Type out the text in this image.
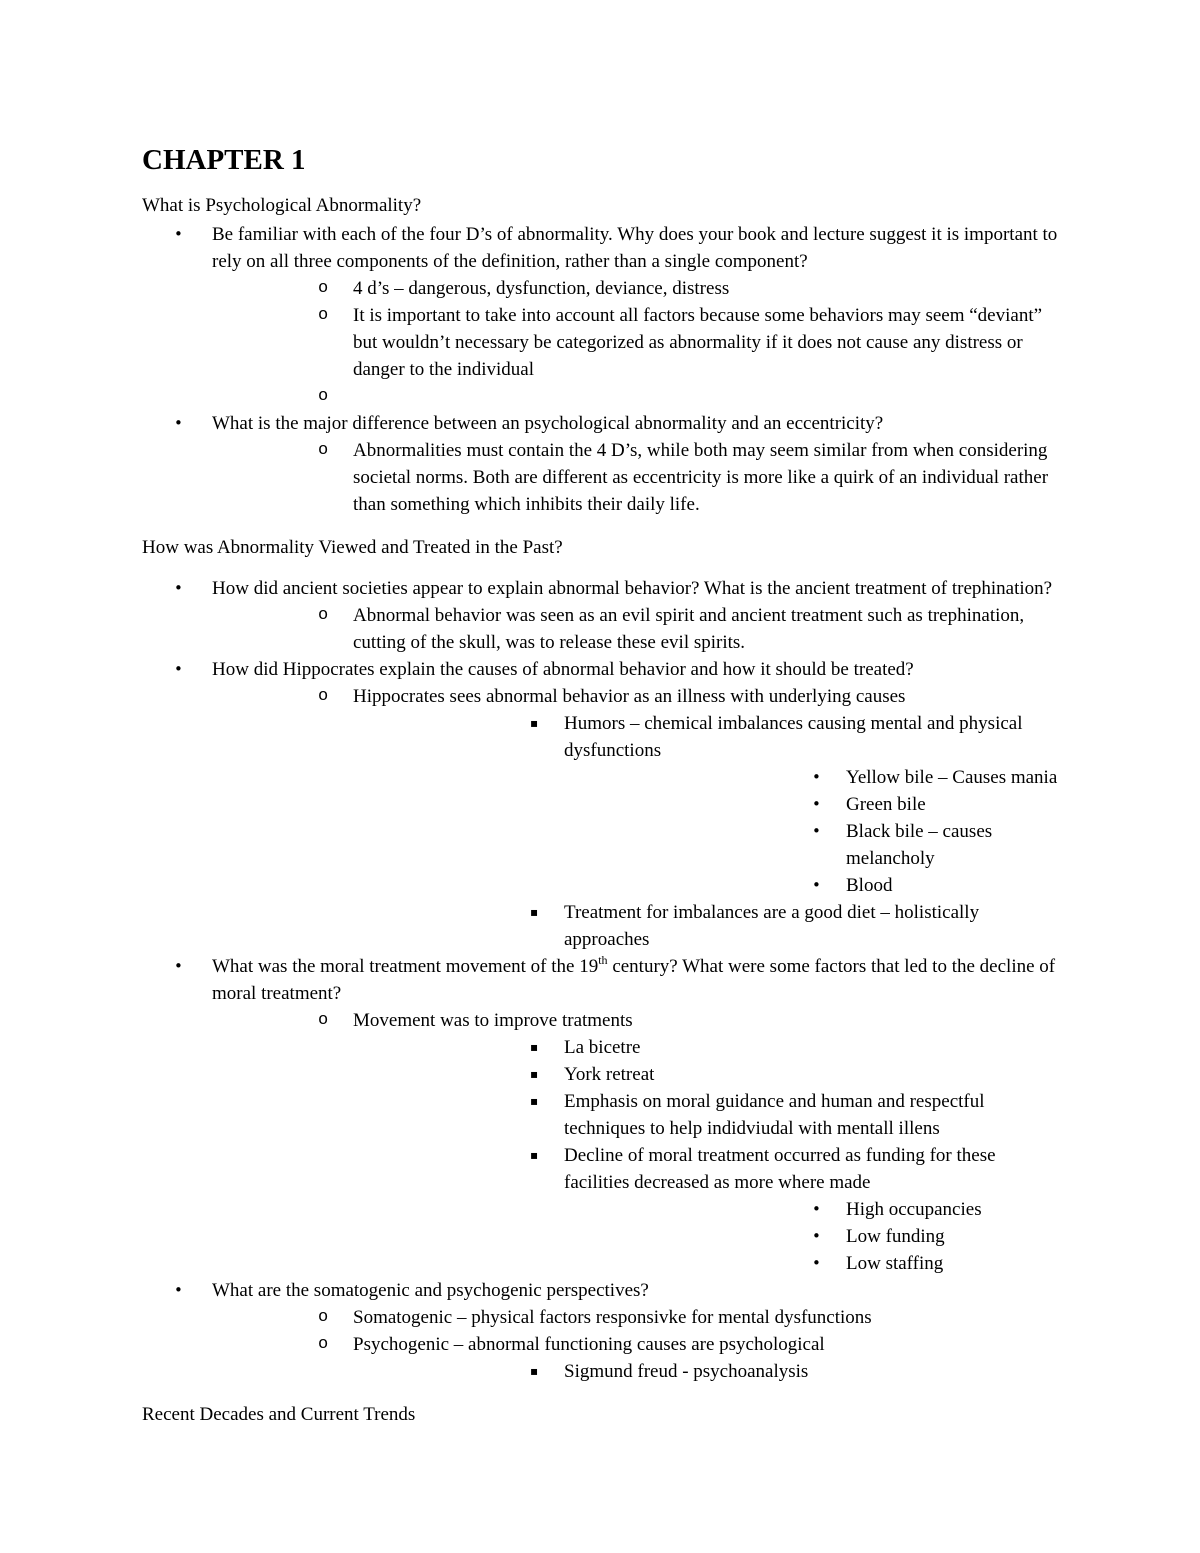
CHAPTER 1
What is Psychological Abnormality?
• Be familiar with each of the four D’s of abnormality. Why does your book and lecture suggest it is important to rely on all three components of the definition, rather than a single component?
o 4 d’s – dangerous, dysfunction, deviance, distress
o It is important to take into account all factors because some behaviors may seem “deviant” but wouldn’t necessary be categorized as abnormality if it does not cause any distress or danger to the individual
o

• What is the major difference between an psychological abnormality and an eccentricity?
o Abnormalities must contain the 4 D’s, while both may seem similar from when considering societal norms. Both are different as eccentricity is more like a quirk of an individual rather than something which inhibits their daily life.
How was Abnormality Viewed and Treated in the Past?
• How did ancient societies appear to explain abnormal behavior? What is the ancient treatment of trephination?
o Abnormal behavior was seen as an evil spirit and ancient treatment such as trephination, cutting of the skull, was to release these evil spirits.
• How did Hippocrates explain the causes of abnormal behavior and how it should be treated?
o Hippocrates sees abnormal behavior as an illness with underlying causes
▪ Humors – chemical imbalances causing mental and physical dysfunctions
• Yellow bile – Causes mania
• Green bile
• Black bile – causes melancholy
• Blood
▪ Treatment for imbalances are a good diet – holistically approaches
• What was the moral treatment movement of the 19th century? What were some factors that led to the decline of moral treatment?
o Movement was to improve tratments
▪ La bicetre
▪ York retreat
▪ Emphasis on moral guidance and human and respectful techniques to help indidviudal with mentall illens
▪ Decline of moral treatment occurred as funding for these facilities decreased as more where made
• High occupancies
• Low funding
• Low staffing
• What are the somatogenic and psychogenic perspectives?
o Somatogenic – physical factors responsivke for mental dysfunctions
o Psychogenic – abnormal functioning causes are psychological
▪ Sigmund freud - psychoanalysis
Recent Decades and Current Trends
